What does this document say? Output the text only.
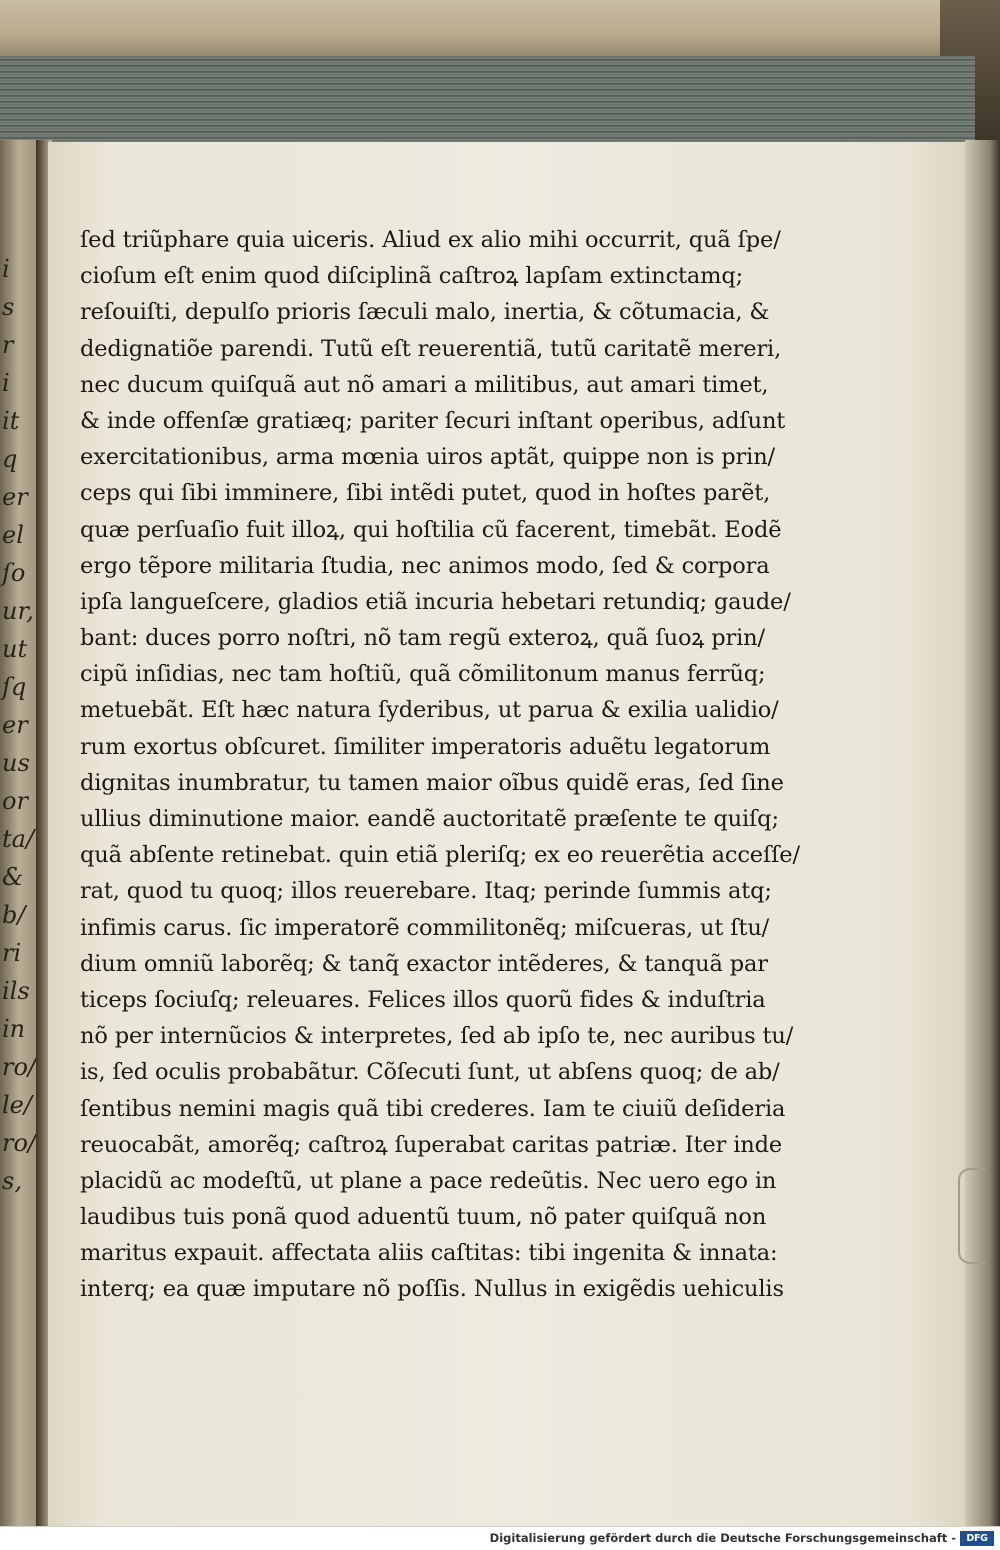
i
s
r
i
it
q
er
el
ſo
ur,
ut
ſq
er
us
or
ta/
&
b/
ri
ils
in
ro/
le/
ro/
s,
ſed triũphare quia uiceris. Aliud ex alio mihi occurrit, quã ſpe/
cioſum eſt enim quod diſciplinã caſtroꝝ lapſam extinctamq;
reſouiſti, depulſo prioris ſæculi malo, inertia, & cõtumacia, &
dedignatiõe parendi. Tutũ eſt reuerentiã, tutũ caritatẽ mereri,
nec ducum quiſquã aut nõ amari a militibus, aut amari timet,
& inde offenſæ gratiæq; pariter ſecuri inſtant operibus, adſunt
exercitationibus, arma mœnia uiros aptãt, quippe non is prin/
ceps qui ſibi imminere, ſibi intẽdi putet, quod in hoſtes parẽt,
quæ perſuaſio fuit illoꝝ, qui hoſtilia cũ facerent, timebãt. Eodẽ
ergo tẽpore militaria ſtudia, nec animos modo, ſed & corpora
ipſa langueſcere, gladios etiã incuria hebetari retundiq; gaude/
bant: duces porro noſtri, nõ tam regũ exteroꝝ, quã ſuoꝝ prin/
cipũ inſidias, nec tam hoſtiũ, quã cõmilitonum manus ferrũq;
metuebãt. Eſt hæc natura ſyderibus, ut parua & exilia ualidio/
rum exortus obſcuret. ſimiliter imperatoris aduẽtu legatorum
dignitas inumbratur, tu tamen maior oĩbus quidẽ eras, ſed ſine
ullius diminutione maior. eandẽ auctoritatẽ præſente te quiſq;
quã abſente retinebat. quin etiã pleriſq; ex eo reuerẽtia acceſſe/
rat, quod tu quoq; illos reuerebare. Itaq; perinde ſummis atq;
infimis carus. ſic imperatorẽ commilitonẽq; miſcueras, ut ſtu/
dium omniũ laborẽq; & tanq̃ exactor intẽderes, & tanquã par
ticeps ſociuſq; releuares. Felices illos quorũ fides & induſtria
nõ per internũcios & interpretes, ſed ab ipſo te, nec auribus tu/
is, ſed oculis probabãtur. Cõſecuti ſunt, ut abſens quoq; de ab/
ſentibus nemini magis quã tibi crederes. Iam te ciuiũ deſideria
reuocabãt, amorẽq; caſtroꝝ ſuperabat caritas patriæ. Iter inde
placidũ ac modeſtũ, ut plane a pace redeũtis. Nec uero ego in
laudibus tuis ponã quod aduentũ tuum, nõ pater quiſquã non
maritus expauit. affectata aliis caſtitas: tibi ingenita & innata:
interq; ea quæ imputare nõ poſſis. Nullus in exigẽdis uehiculis
Digitalisierung gefördert durch die Deutsche Forschungsgemeinschaft -	DFG
